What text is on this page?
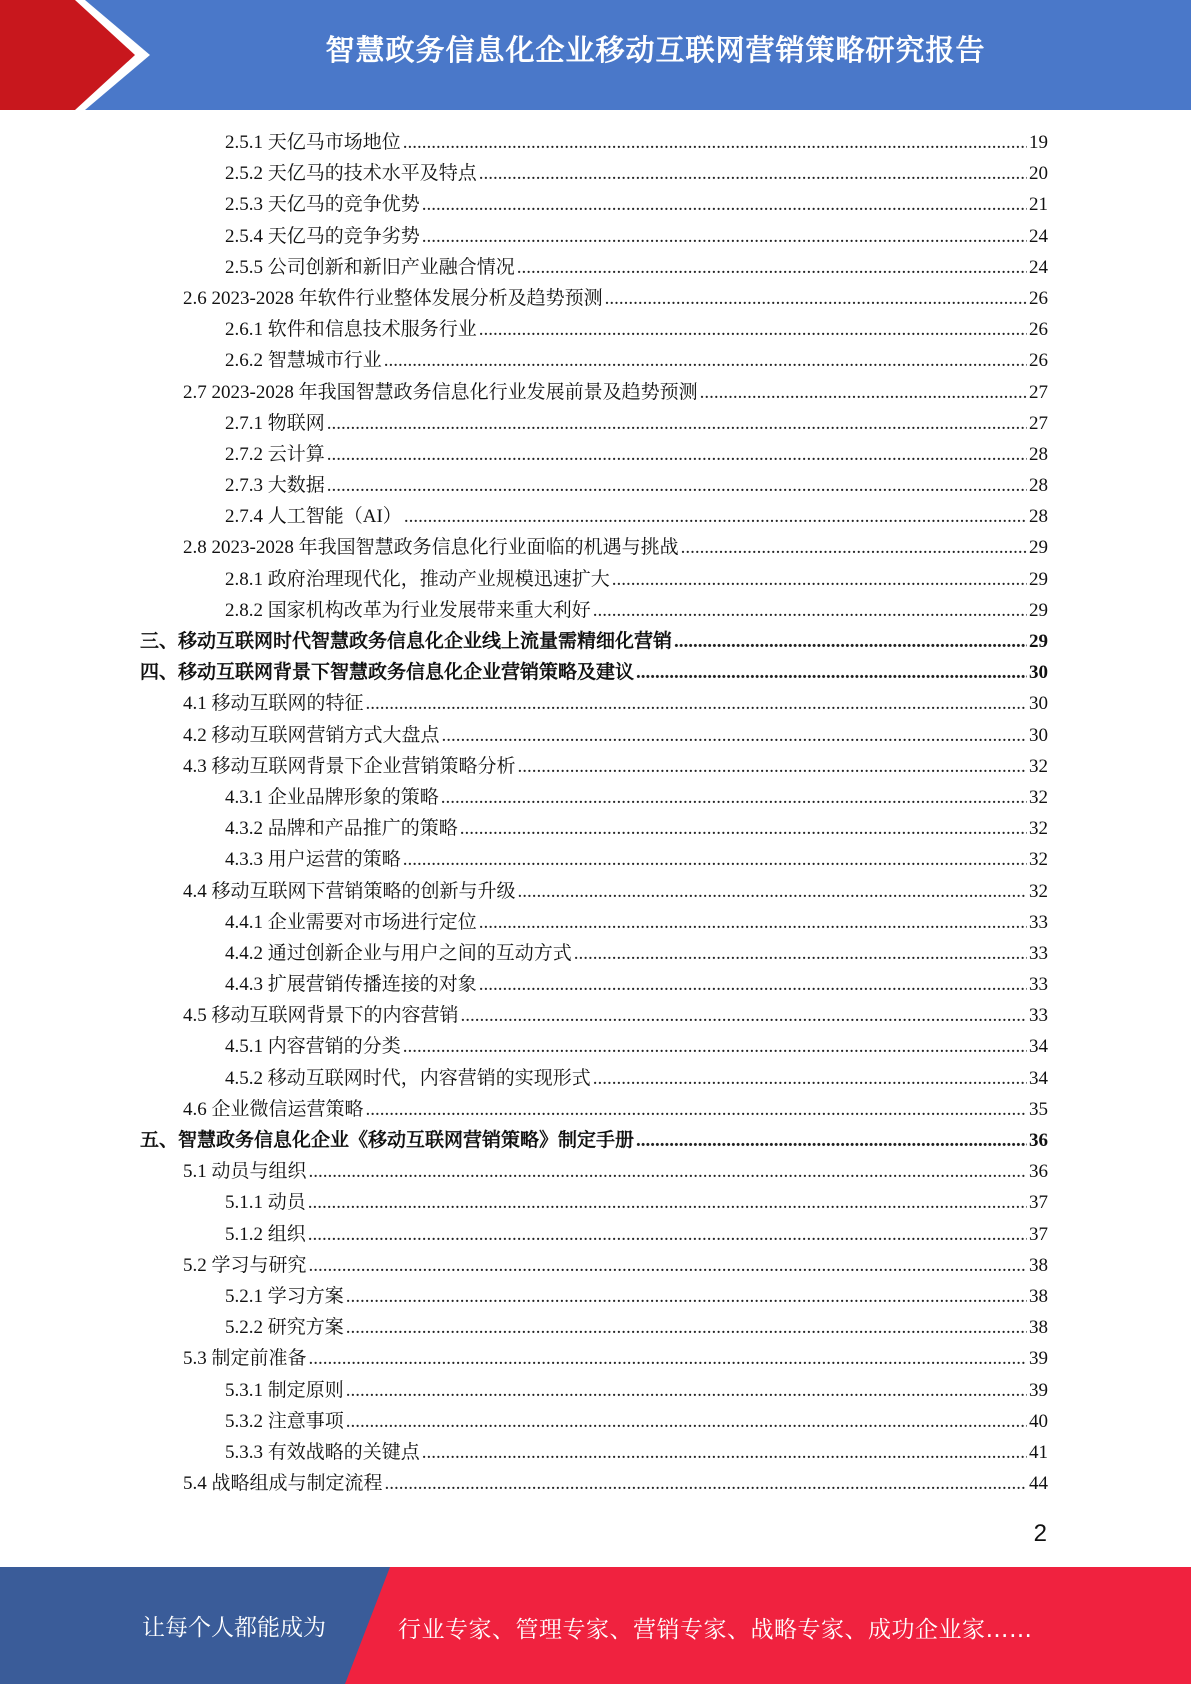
智慧政务信息化企业移动互联网营销策略研究报告
2.5.1 天亿马市场地位 .....	19
2.5.2 天亿马的技术水平及特点 .....	20
2.5.3 天亿马的竞争优势 .....	21
2.5.4 天亿马的竞争劣势 .....	24
2.5.5 公司创新和新旧产业融合情况 .....	24
2.6 2023-2028 年软件行业整体发展分析及趋势预测 .....	26
2.6.1 软件和信息技术服务行业 .....	26
2.6.2 智慧城市行业 .....	26
2.7 2023-2028 年我国智慧政务信息化行业发展前景及趋势预测 .....	27
2.7.1 物联网 .....	27
2.7.2 云计算 .....	28
2.7.3 大数据 .....	28
2.7.4 人工智能（AI） .....	28
2.8 2023-2028 年我国智慧政务信息化行业面临的机遇与挑战 .....	29
2.8.1 政府治理现代化，推动产业规模迅速扩大 .....	29
2.8.2 国家机构改革为行业发展带来重大利好 .....	29
三、移动互联网时代智慧政务信息化企业线上流量需精细化营销 .....	29
四、移动互联网背景下智慧政务信息化企业营销策略及建议 .....	30
4.1 移动互联网的特征 .....	30
4.2 移动互联网营销方式大盘点 .....	30
4.3 移动互联网背景下企业营销策略分析 .....	32
4.3.1 企业品牌形象的策略 .....	32
4.3.2 品牌和产品推广的策略 .....	32
4.3.3 用户运营的策略 .....	32
4.4 移动互联网下营销策略的创新与升级 .....	32
4.4.1 企业需要对市场进行定位 .....	33
4.4.2 通过创新企业与用户之间的互动方式 .....	33
4.4.3 扩展营销传播连接的对象 .....	33
4.5 移动互联网背景下的内容营销 .....	33
4.5.1 内容营销的分类 .....	34
4.5.2 移动互联网时代，内容营销的实现形式 .....	34
4.6 企业微信运营策略 .....	35
五、智慧政务信息化企业《移动互联网营销策略》制定手册 .....	36
5.1 动员与组织 .....	36
5.1.1 动员 .....	37
5.1.2 组织 .....	37
5.2 学习与研究 .....	38
5.2.1 学习方案 .....	38
5.2.2 研究方案 .....	38
5.3 制定前准备 .....	39
5.3.1 制定原则 .....	39
5.3.2 注意事项 .....	40
5.3.3 有效战略的关键点 .....	41
5.4 战略组成与制定流程 .....	44
2
让每个人都能成为	行业专家、管理专家、营销专家、战略专家、成功企业家……
